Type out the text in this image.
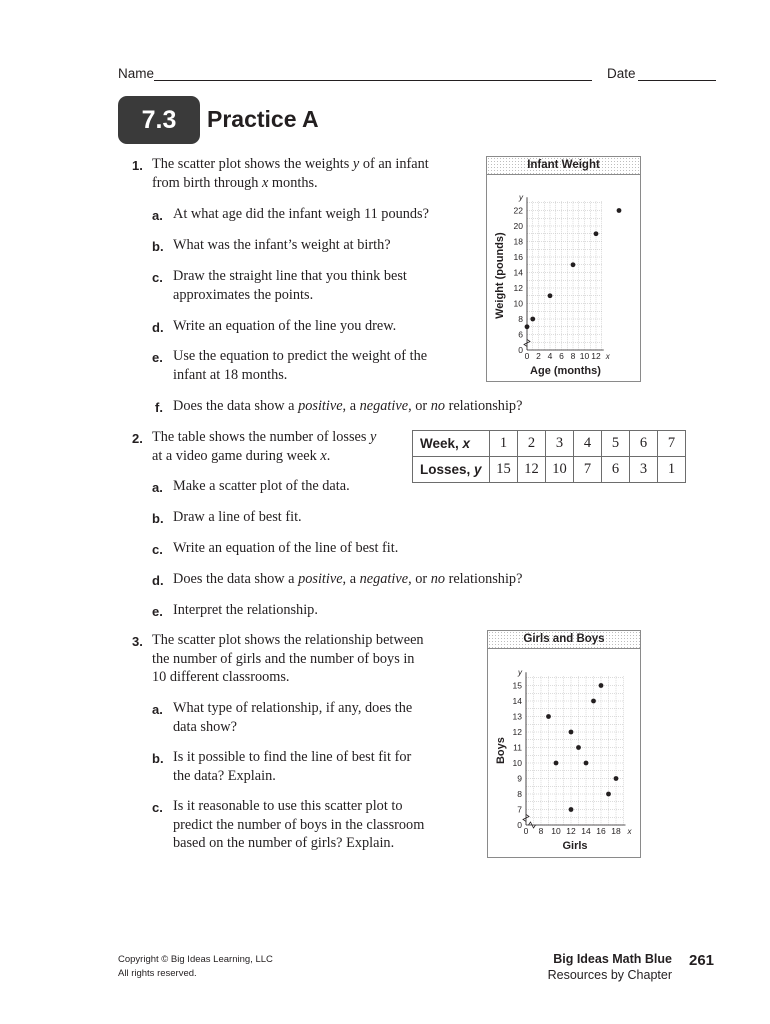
Name	Date
7.3	Practice A
1. The scatter plot shows the weights y of an infant
from birth through x months.
a. At what age did the infant weigh 11 pounds?
b. What was the infant’s weight at birth?
c. Draw the straight line that you think best
approximates the points.
d. Write an equation of the line you drew.
e. Use the equation to predict the weight of the
infant at 18 months.
f. Does the data show a positive, a negative, or no relationship?
Infant Weight
0 2 4 6 8 10 12 x
0
6
8
10
12
14
16
18
20
22
y
Age (months)
Weight (pounds)
2. The table shows the number of losses y
at a video game during week x.
Week, x	1	2	3	4	5	6	7
Losses, y	15	12	10	7	6	3	1
a. Make a scatter plot of the data.
b. Draw a line of best fit.
c. Write an equation of the line of best fit.
d. Does the data show a positive, a negative, or no relationship?
e. Interpret the relationship.
3. The scatter plot shows the relationship between
the number of girls and the number of boys in
10 different classrooms.
a. What type of relationship, if any, does the
data show?
b. Is it possible to find the line of best fit for
the data? Explain.
c. Is it reasonable to use this scatter plot to
predict the number of boys in the classroom
based on the number of girls? Explain.
Girls and Boys
0 8 10 12 14 16 18 x
0
7
8
9
10
11
12
13
14
15
y
Girls
Boys
Copyright © Big Ideas Learning, LLC
All rights reserved.
Big Ideas Math Blue
Resources by Chapter
261
